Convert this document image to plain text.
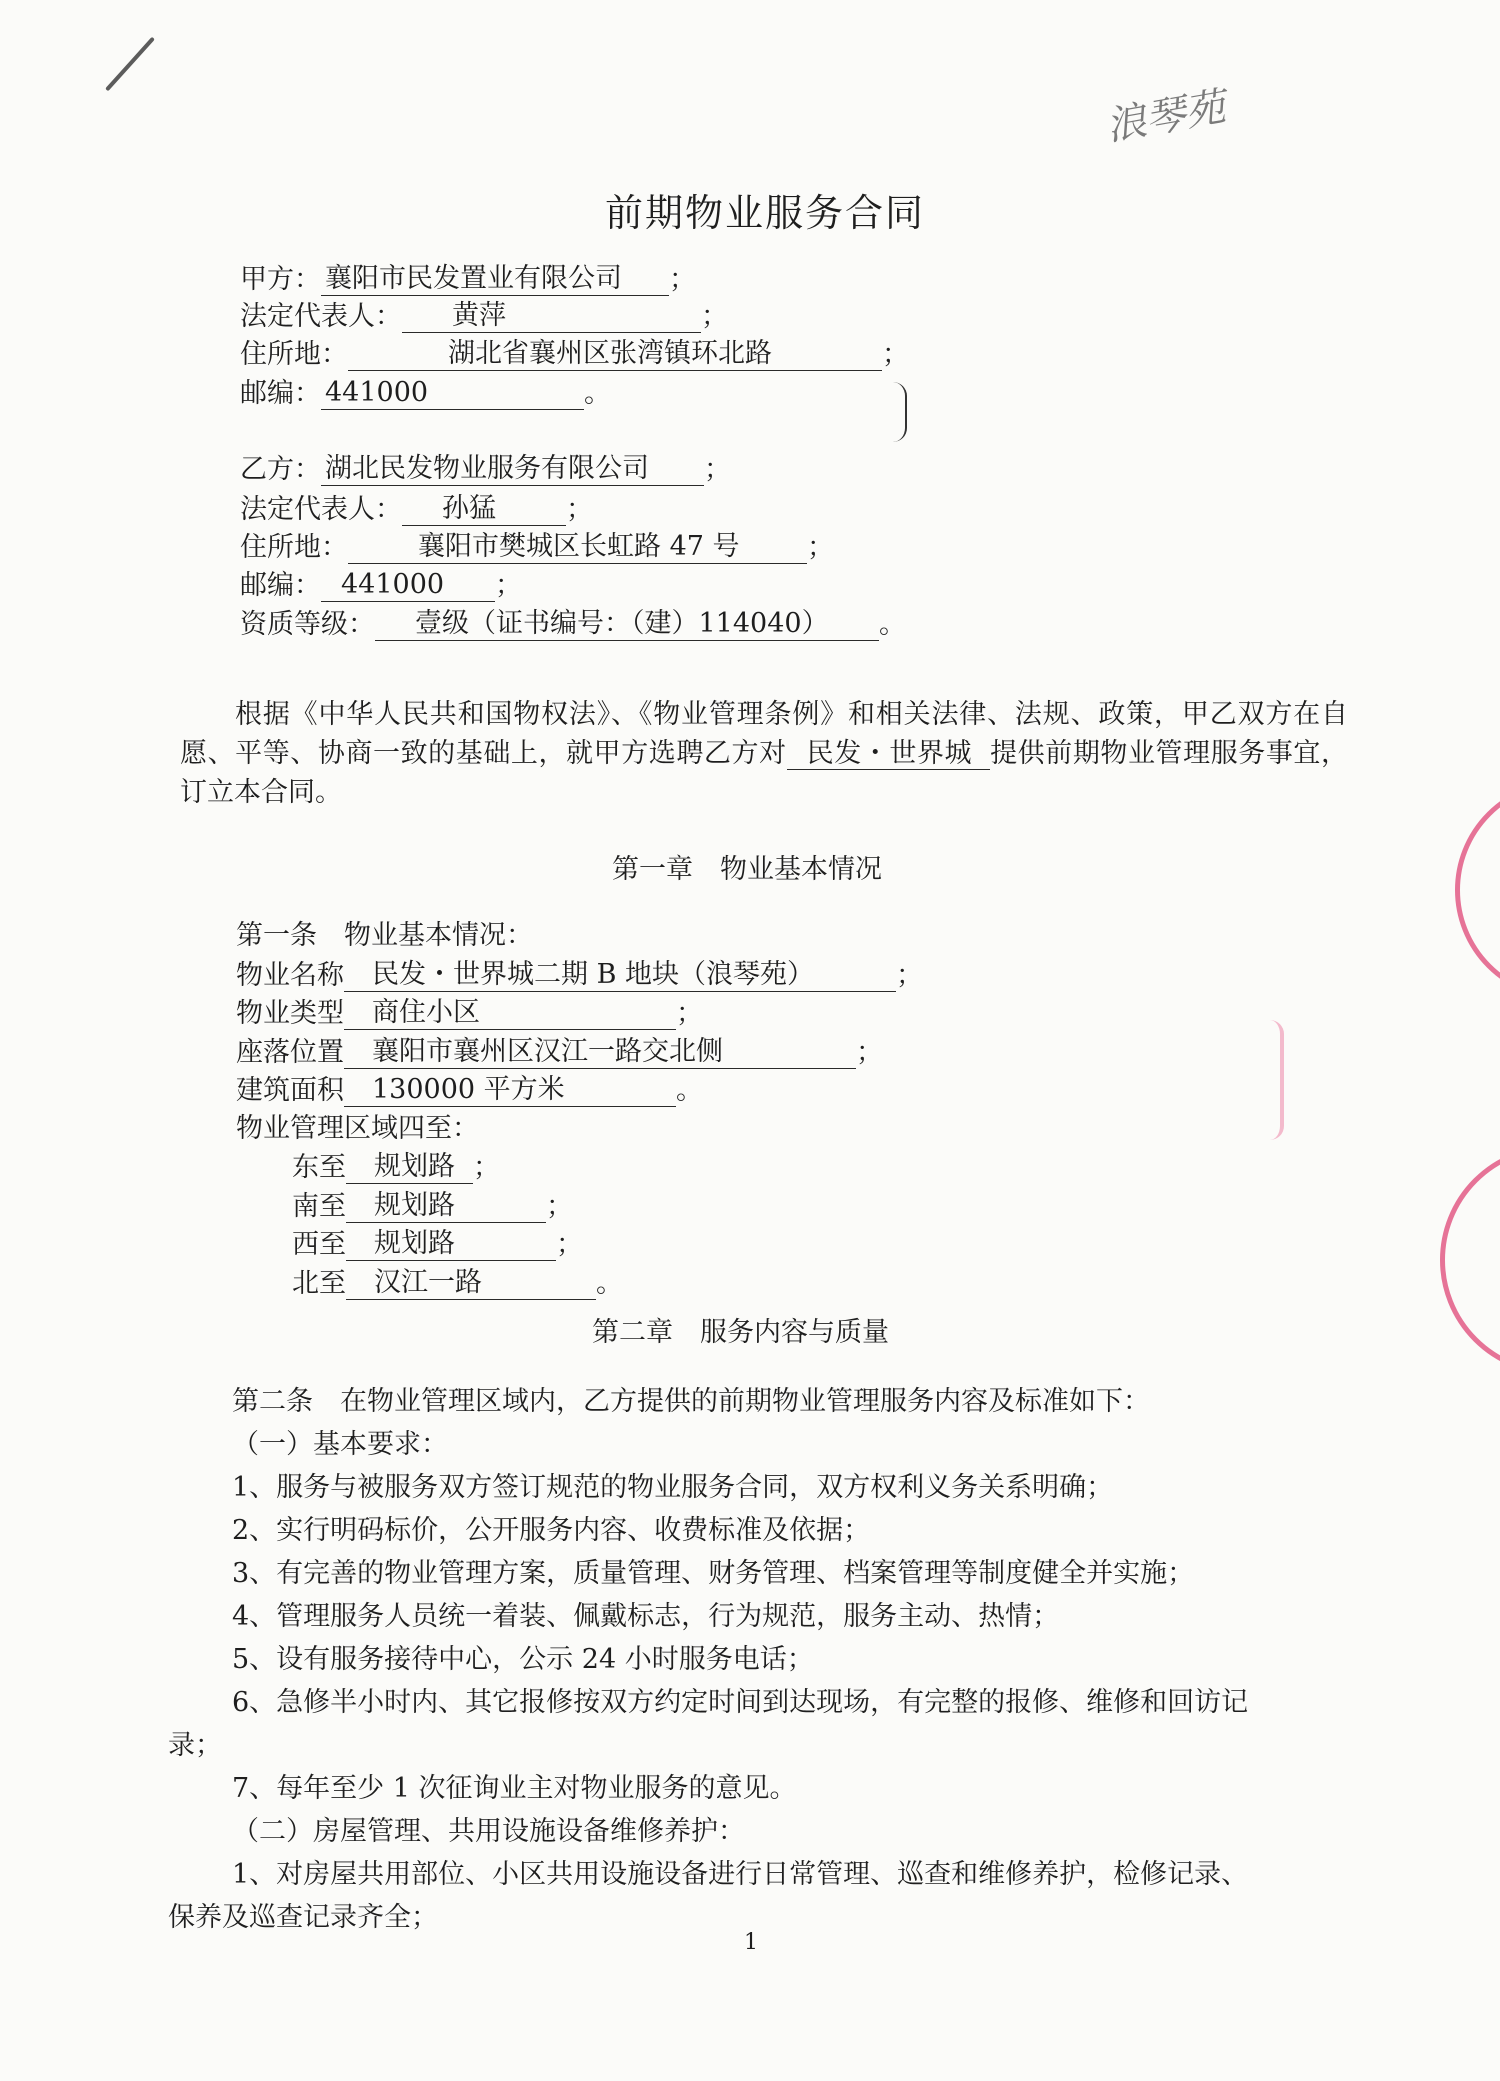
浪琴苑
前期物业服务合同
甲方： 襄阳市民发置业有限公司 ；
法定代表人： 黄萍	；
住所地：	湖北省襄州区张湾镇环北路	；
邮编： 441000	。
乙方： 湖北民发物业服务有限公司 ；
法定代表人： 孙猛	；
住所地：	襄阳市樊城区长虹路 47 号 ；
邮编： 441000 ；
资质等级： 壹级（证书编号：（建）114040） 。
根据《中华人民共和国物权法》、《物业管理条例》和相关法律、法规、政策，甲乙双方在自愿、平等、协商一致的基础上，就甲方选聘乙方对 民发・世界城 提供前期物业管理服务事宜，订立本合同。
第一章　物业基本情况
第一条　物业基本情况：
物业名称 民发・世界城二期 B 地块（浪琴苑）	；
物业类型 商住小区	；
座落位置 襄阳市襄州区汉江一路交北侧	；
建筑面积 130000 平方米	。
物业管理区域四至：
东至 规划路 ；
南至 规划路	；
西至 规划路	；
北至 汉江一路	。
第二章　服务内容与质量
第二条　在物业管理区域内，乙方提供的前期物业管理服务内容及标准如下：
（一）基本要求：
1、服务与被服务双方签订规范的物业服务合同，双方权利义务关系明确；
2、实行明码标价，公开服务内容、收费标准及依据；
3、有完善的物业管理方案，质量管理、财务管理、档案管理等制度健全并实施；
4、管理服务人员统一着装、佩戴标志，行为规范，服务主动、热情；
5、设有服务接待中心，公示 24 小时服务电话；
6、急修半小时内、其它报修按双方约定时间到达现场，有完整的报修、维修和回访记
录；
7、每年至少 1 次征询业主对物业服务的意见。
（二）房屋管理、共用设施设备维修养护：
1、对房屋共用部位、小区共用设施设备进行日常管理、巡查和维修养护，检修记录、
保养及巡查记录齐全；
1
